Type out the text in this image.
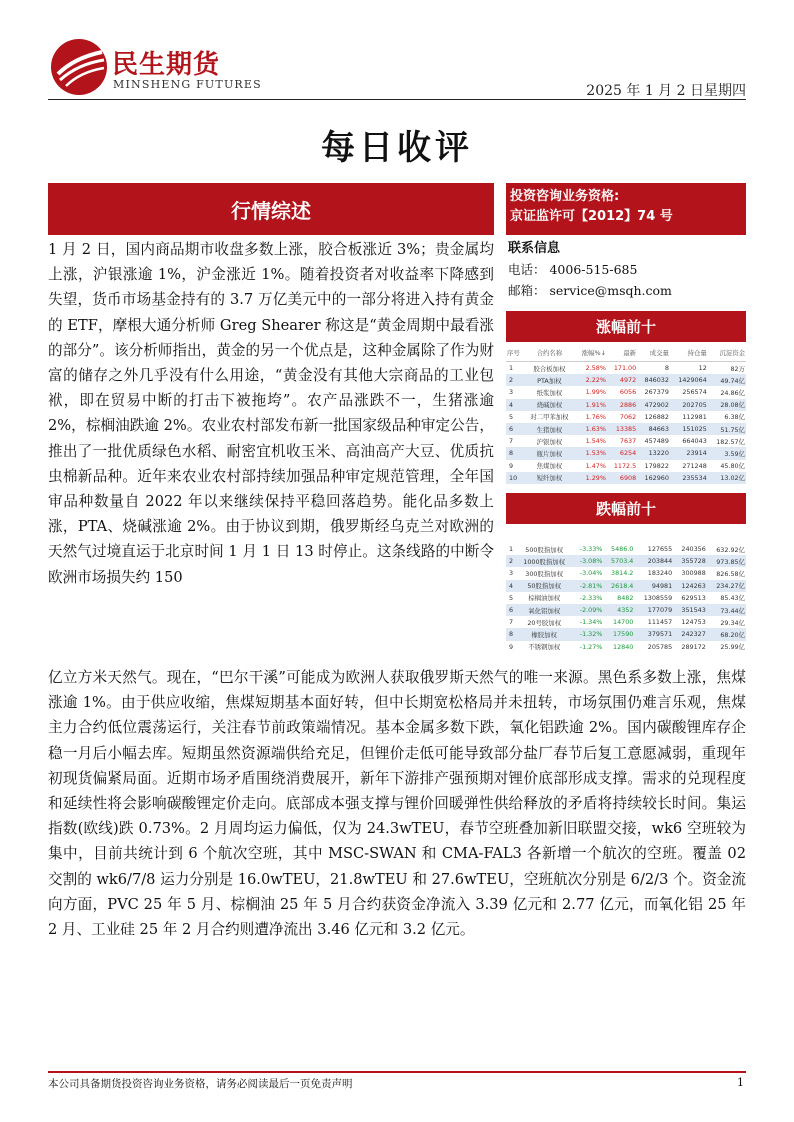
民生期货
MINSHENG FUTURES	2025 年 1 月 2 日星期四
每日收评
行情综述
投资咨询业务资格:
京证监许可【2012】74 号
联系信息
电话： 4006-515-685
邮箱： service@msqh.com
涨幅前十
序号	合约名称	涨幅%↓	最新	成交量	持仓量	沉淀资金
1	胶合板加权	2.58%	171.00	8	12	82万
2	PTA加权	2.22%	4972	846032	1429064	49.74亿
3	纸浆加权	1.99%	6056	267379	256574	24.86亿
4	烧碱加权	1.91%	2886	472902	202705	28.08亿
5	对二甲苯加权	1.76%	7062	126882	112981	6.38亿
6	生猪加权	1.63%	13385	84663	151025	51.75亿
7	沪银加权	1.54%	7637	457489	664043	182.57亿
8	瓶片加权	1.53%	6254	13220	23914	3.59亿
9	焦煤加权	1.47%	1172.5	179822	271248	45.80亿
10	短纤加权	1.29%	6908	162960	235534	13.02亿
跌幅前十
1	500股指加权	-3.33%	5486.0	127655	240356	632.92亿
2	1000股指加权	-3.08%	5703.4	203844	355728	973.85亿
3	300股指加权	-3.04%	3814.2	183240	300988	826.58亿
4	50股指加权	-2.81%	2618.4	94981	124263	234.27亿
5	棕榈油加权	-2.33%	8482	1308559	629513	85.43亿
6	氧化铝加权	-2.09%	4352	177079	351543	73.44亿
7	20号胶加权	-1.34%	14700	111457	124753	29.34亿
8	橡胶加权	-1.32%	17590	379571	242327	68.20亿
9	不锈钢加权	-1.27%	12840	205785	289172	25.99亿
1 月 2 日，国内商品期市收盘多数上涨，胶合板涨近 3%；贵金属均上涨，沪银涨逾 1%，沪金涨近 1%。随着投资者对收益率下降感到失望，货币市场基金持有的 3.7 万亿美元中的一部分将进入持有黄金的 ETF，摩根大通分析师 Greg Shearer 称这是“黄金周期中最看涨的部分”。该分析师指出，黄金的另一个优点是，这种金属除了作为财富的储存之外几乎没有什么用途，“黄金没有其他大宗商品的工业包袱，即在贸易中断的打击下被拖垮”。农产品涨跌不一，生猪涨逾 2%，棕榈油跌逾 2%。农业农村部发布新一批国家级品种审定公告，推出了一批优质绿色水稻、耐密宜机收玉米、高油高产大豆、优质抗虫棉新品种。近年来农业农村部持续加强品种审定规范管理，全年国审品种数量自 2022 年以来继续保持平稳回落趋势。能化品多数上涨，PTA、烧碱涨逾 2%。由于协议到期，俄罗斯经乌克兰对欧洲的天然气过境直运于北京时间 1 月 1 日 13 时停止。这条线路的中断令欧洲市场损失约 150
亿立方米天然气。现在，“巴尔干溪”可能成为欧洲人获取俄罗斯天然气的唯一来源。黑色系多数上涨，焦煤涨逾 1%。由于供应收缩，焦煤短期基本面好转，但中长期宽松格局并未扭转，市场氛围仍难言乐观，焦煤主力合约低位震荡运行，关注春节前政策端情况。基本金属多数下跌，氧化铝跌逾 2%。国内碳酸锂库存企稳一月后小幅去库。短期虽然资源端供给充足，但锂价走低可能导致部分盐厂春节后复工意愿减弱，重现年初现货偏紧局面。近期市场矛盾围绕消费展开，新年下游排产强预期对锂价底部形成支撑。需求的兑现程度和延续性将会影响碳酸锂定价走向。底部成本强支撑与锂价回暖弹性供给释放的矛盾将持续较长时间。集运指数(欧线)跌 0.73%。2 月周均运力偏低，仅为 24.3wTEU，春节空班叠加新旧联盟交接，wk6 空班较为集中，目前共统计到 6 个航次空班，其中 MSC-SWAN 和 CMA-FAL3 各新增一个航次的空班。覆盖 02 交割的 wk6/7/8 运力分别是 16.0wTEU，21.8wTEU 和 27.6wTEU，空班航次分别是 6/2/3 个。资金流向方面，PVC 25 年 5 月、棕榈油 25 年 5 月合约获资金净流入 3.39 亿元和 2.77 亿元，而氧化铝 25 年 2 月、工业硅 25 年 2 月合约则遭净流出 3.46 亿元和 3.2 亿元。
本公司具备期货投资咨询业务资格，请务必阅读最后一页免责声明	1
